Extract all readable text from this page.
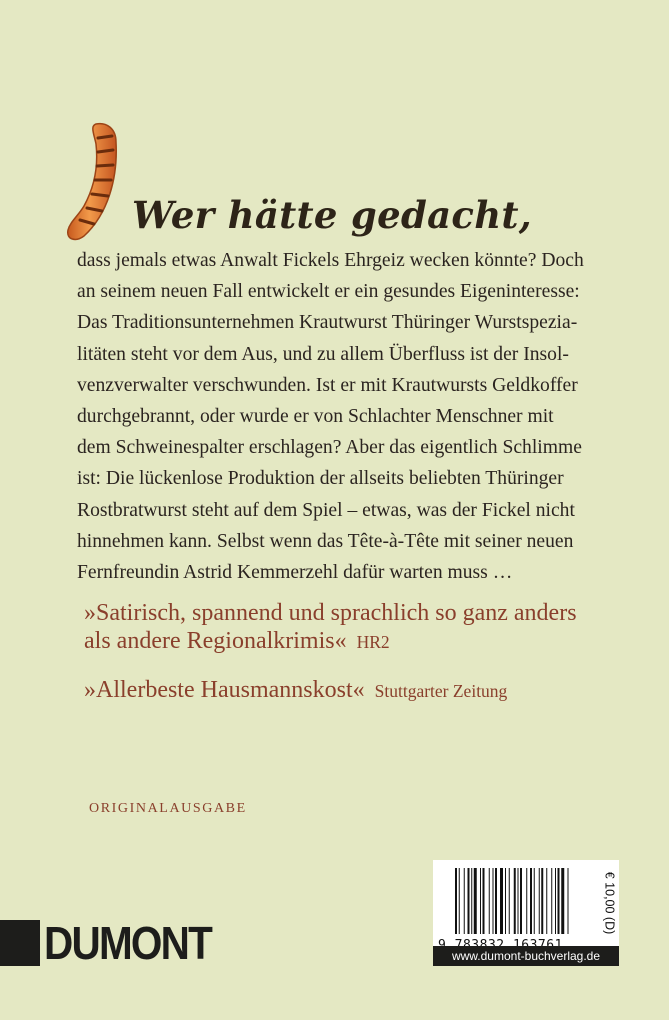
Wer hätte gedacht,

dass jemals etwas Anwalt Fickels Ehrgeiz wecken könnte? Doch
an seinem neuen Fall entwickelt er ein gesundes Eigeninteresse:
Das Traditionsunternehmen Krautwurst Thüringer Wurstspezia-
litäten steht vor dem Aus, und zu allem Überfluss ist der Insol-
venzverwalter verschwunden. Ist er mit Krautwursts Geldkoffer
durchgebrannt, oder wurde er von Schlachter Menschner mit
dem Schweinespalter erschlagen? Aber das eigentlich Schlimme
ist: Die lückenlose Produktion der allseits beliebten Thüringer
Rostbratwurst steht auf dem Spiel – etwas, was der Fickel nicht
hinnehmen kann. Selbst wenn das Tête-à-Tête mit seiner neuen
Fernfreundin Astrid Kemmerzehl dafür warten muss …

»Satirisch, spannend und sprachlich so ganz anders
als andere Regionalkrimis« HR2
»Allerbeste Hausmannskost« Stuttgarter Zeitung
ORIGINALAUSGABE
DUMONT
€ 10,00 (D)
www.dumont-buchverlag.de
